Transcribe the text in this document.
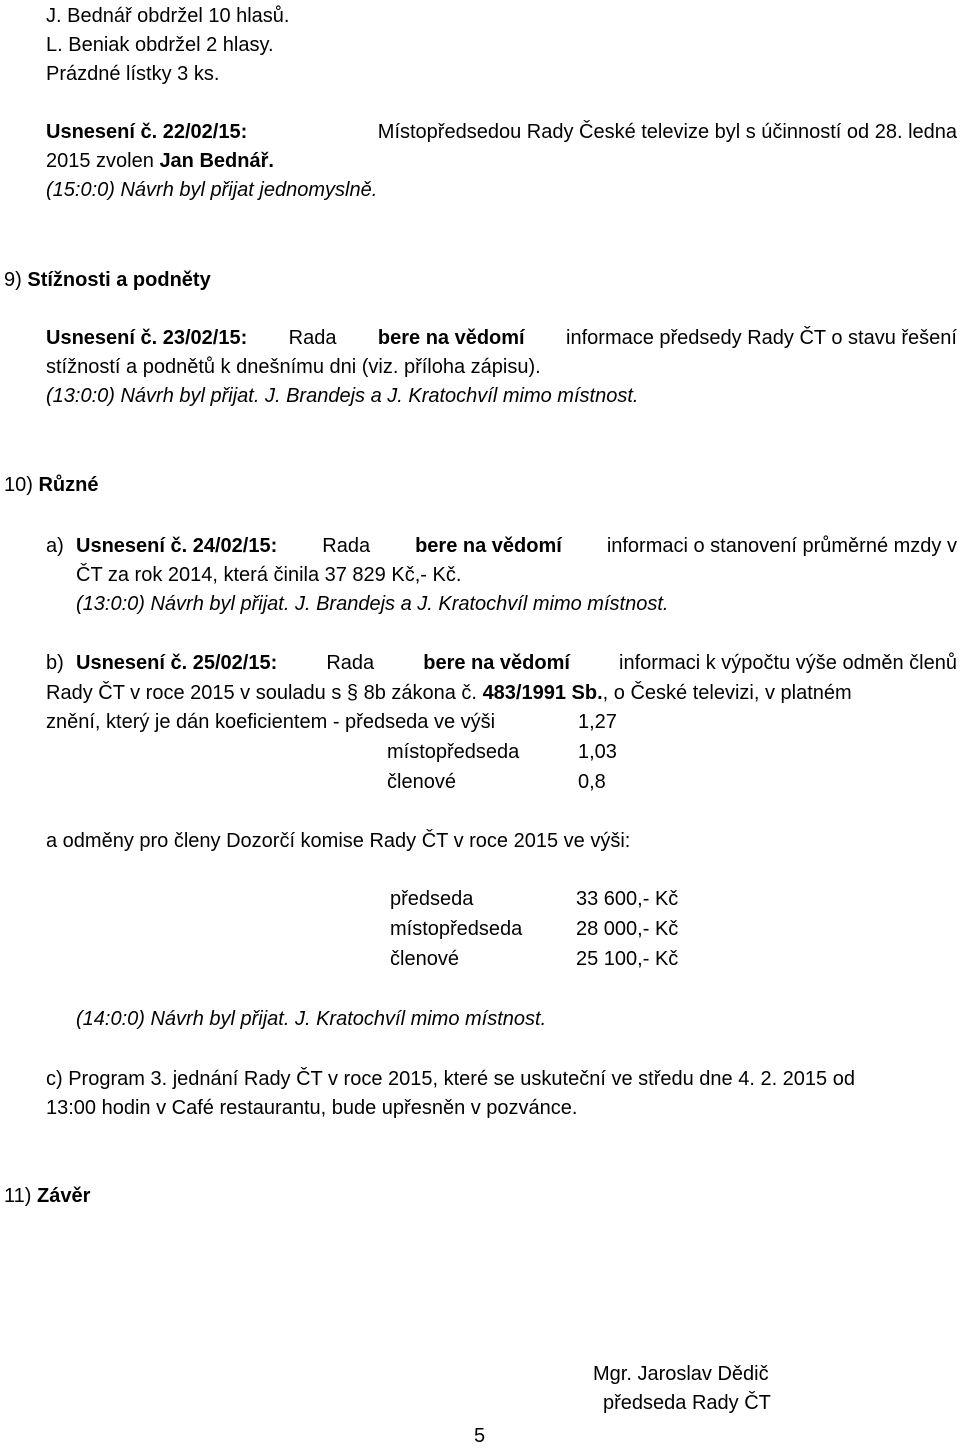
J. Bednář obdržel 10 hlasů.
L. Beniak obdržel 2 hlasy.
Prázdné lístky 3 ks.
Usnesení č. 22/02/15:	Místopředsedou Rady České televize byl s účinností od 28. ledna
2015 zvolen Jan Bednář.
(15:0:0) Návrh byl přijat jednomyslně.
9) Stížnosti a podněty
Usnesení č. 23/02/15: Rada bere na vědomí informace předsedy Rady ČT o stavu řešení
stížností a podnětů k dnešnímu dni (viz. příloha zápisu).
(13:0:0) Návrh byl přijat. J. Brandejs a J. Kratochvíl mimo místnost.
10) Různé
a) Usnesení č. 24/02/15: Rada bere na vědomí informaci o stanovení průměrné mzdy v
ČT za rok 2014, která činila 37 829 Kč,- Kč.
(13:0:0) Návrh byl přijat. J. Brandejs a J. Kratochvíl mimo místnost.
b) Usnesení č. 25/02/15: Rada bere na vědomí informaci k výpočtu výše odměn členů
Rady ČT v roce 2015 v souladu s § 8b zákona č. 483/1991 Sb., o České televizi, v platném
znění, který je dán koeficientem - předseda ve výši	1,27
místopředseda	1,03
členové	0,8
a odměny pro členy Dozorčí komise Rady ČT v roce 2015 ve výši:
předseda	33 600,- Kč
místopředseda	28 000,- Kč
členové	25 100,- Kč
(14:0:0) Návrh byl přijat. J. Kratochvíl mimo místnost.
c) Program 3. jednání Rady ČT v roce 2015, které se uskuteční ve středu dne 4. 2. 2015 od
13:00 hodin v Café restaurantu, bude upřesněn v pozvánce.
11) Závěr
Mgr. Jaroslav Dědič
předseda Rady ČT
5
